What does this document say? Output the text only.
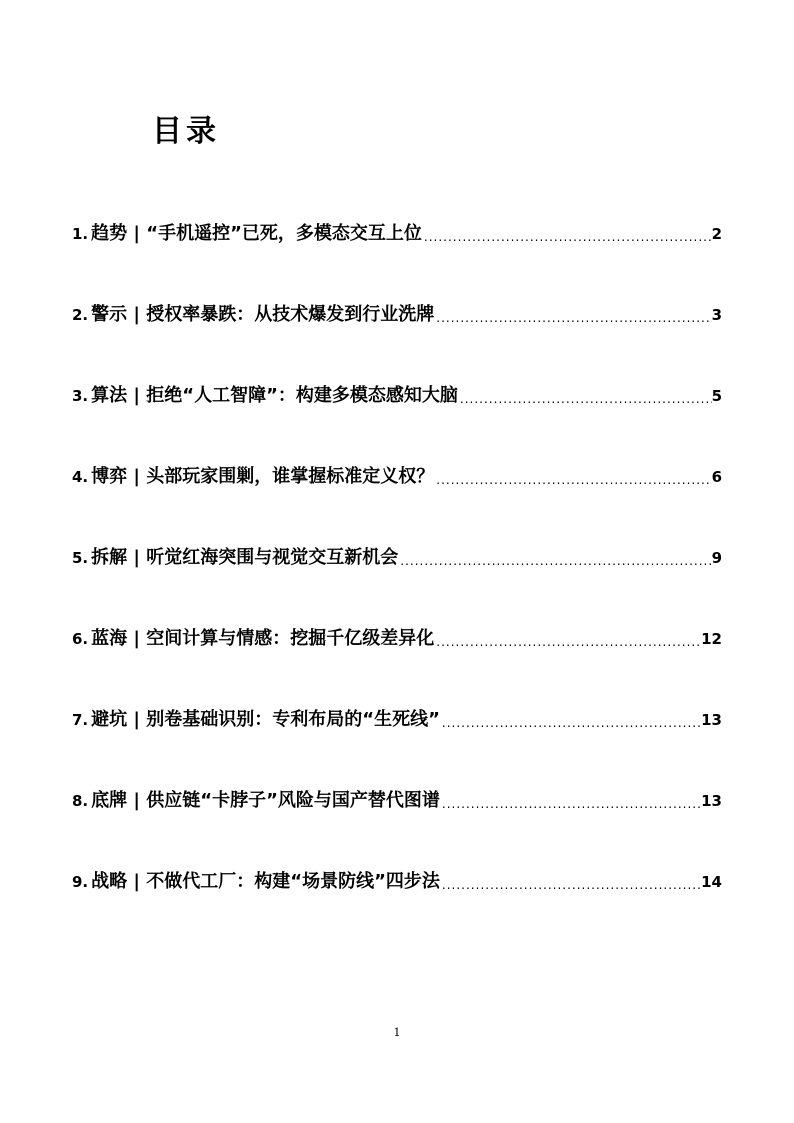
目录
1. 趋势 | “手机遥控”已死，多模态交互上位 .....	2
2. 警示 | 授权率暴跌：从技术爆发到行业洗牌 .....	3
3. 算法 | 拒绝“人工智障”：构建多模态感知大脑 .....	5
4. 博弈 | 头部玩家围剿，谁掌握标准定义权？ .....	6
5. 拆解 | 听觉红海突围与视觉交互新机会 .....	9
6. 蓝海 | 空间计算与情感：挖掘千亿级差异化 .....	12
7. 避坑 | 别卷基础识别：专利布局的“生死线” .....	13
8. 底牌 | 供应链“卡脖子”风险与国产替代图谱 .....	13
9. 战略 | 不做代工厂：构建“场景防线”四步法 .....	14
1
